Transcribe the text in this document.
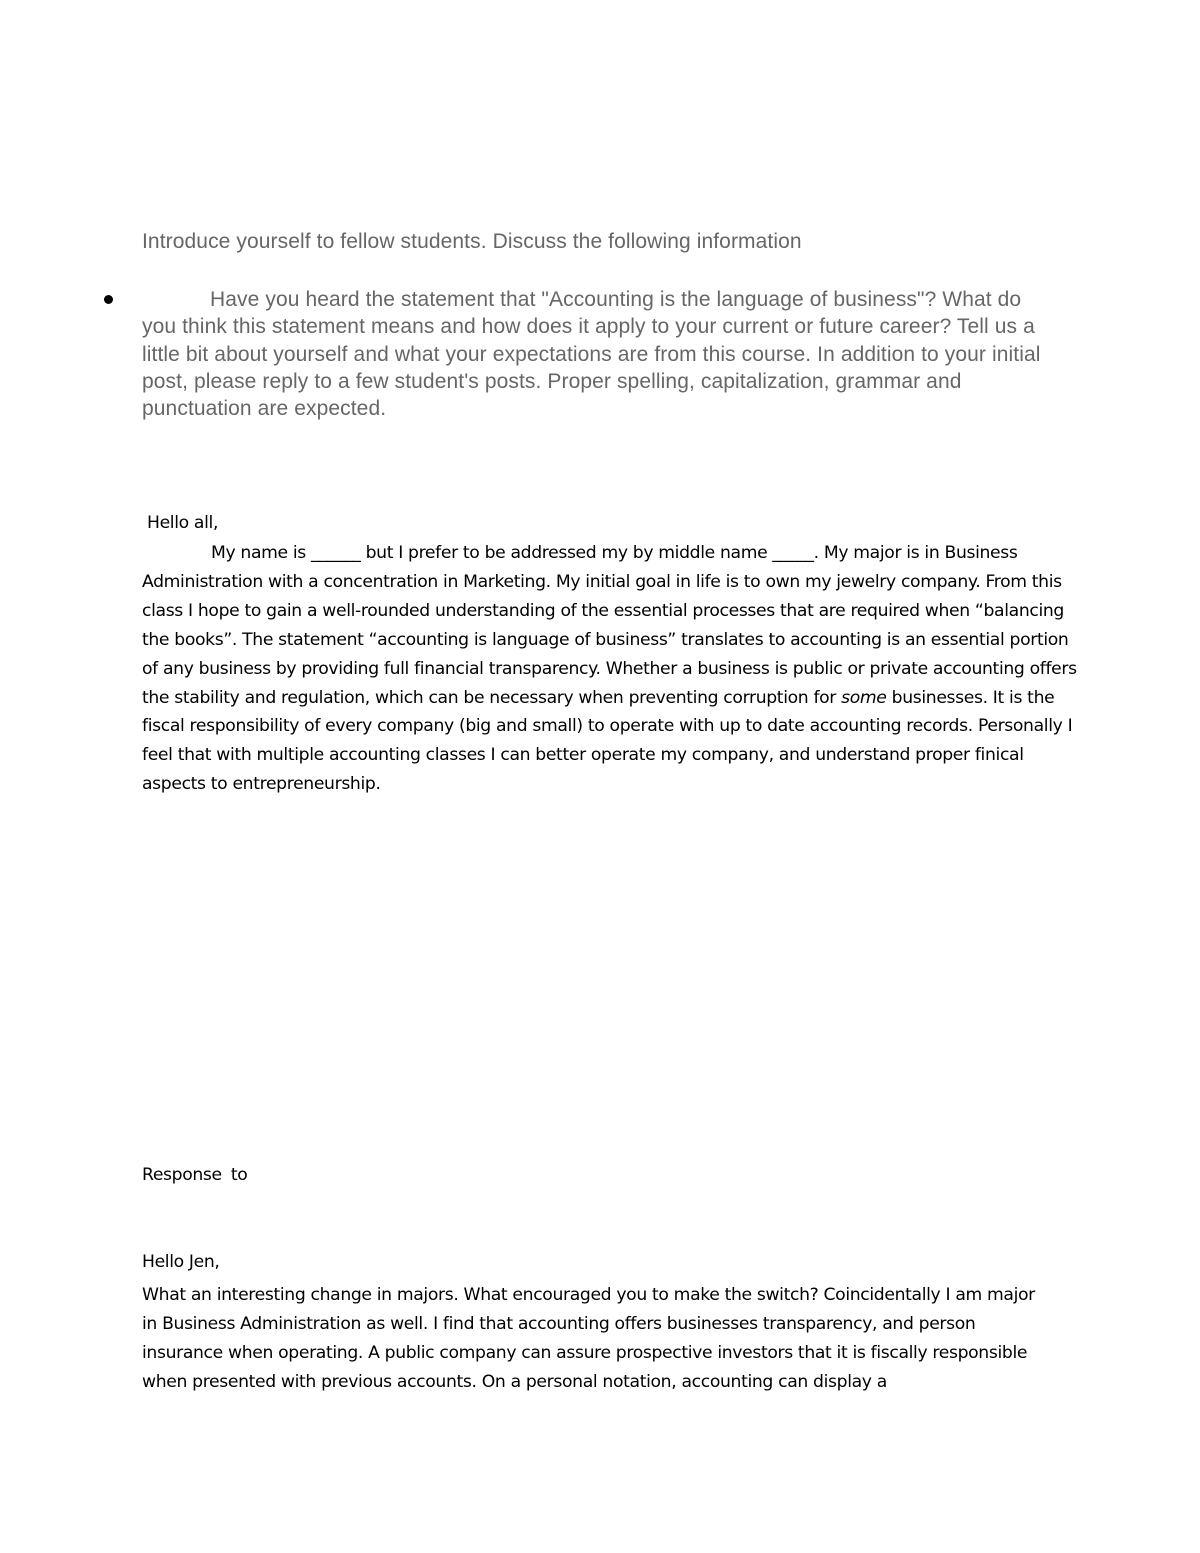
Introduce yourself to fellow students. Discuss the following information
Have you heard the statement that "Accounting is the language of business"? What do you think this statement means and how does it apply to your current or future career? Tell us a little bit about yourself and what your expectations are from this course. In addition to your initial post, please reply to a few student's posts. Proper spelling, capitalization, grammar and punctuation are expected.
Hello all,
My name is ______ but I prefer to be addressed my by middle name _____. My major is in Business Administration with a concentration in Marketing. My initial goal in life is to own my jewelry company. From this class I hope to gain a well-rounded understanding of the essential processes that are required when “balancing the books”. The statement “accounting is language of business” translates to accounting is an essential portion of any business by providing full financial transparency. Whether a business is public or private accounting offers the stability and regulation, which can be necessary when preventing corruption for some businesses. It is the fiscal responsibility of every company (big and small) to operate with up to date accounting records. Personally I feel that with multiple accounting classes I can better operate my company, and understand proper finical aspects to entrepreneurship.
Response to
Hello Jen,
What an interesting change in majors. What encouraged you to make the switch? Coincidentally I am major in Business Administration as well. I find that accounting offers businesses transparency, and person insurance when operating. A public company can assure prospective investors that it is fiscally responsible when presented with previous accounts. On a personal notation, accounting can display a
